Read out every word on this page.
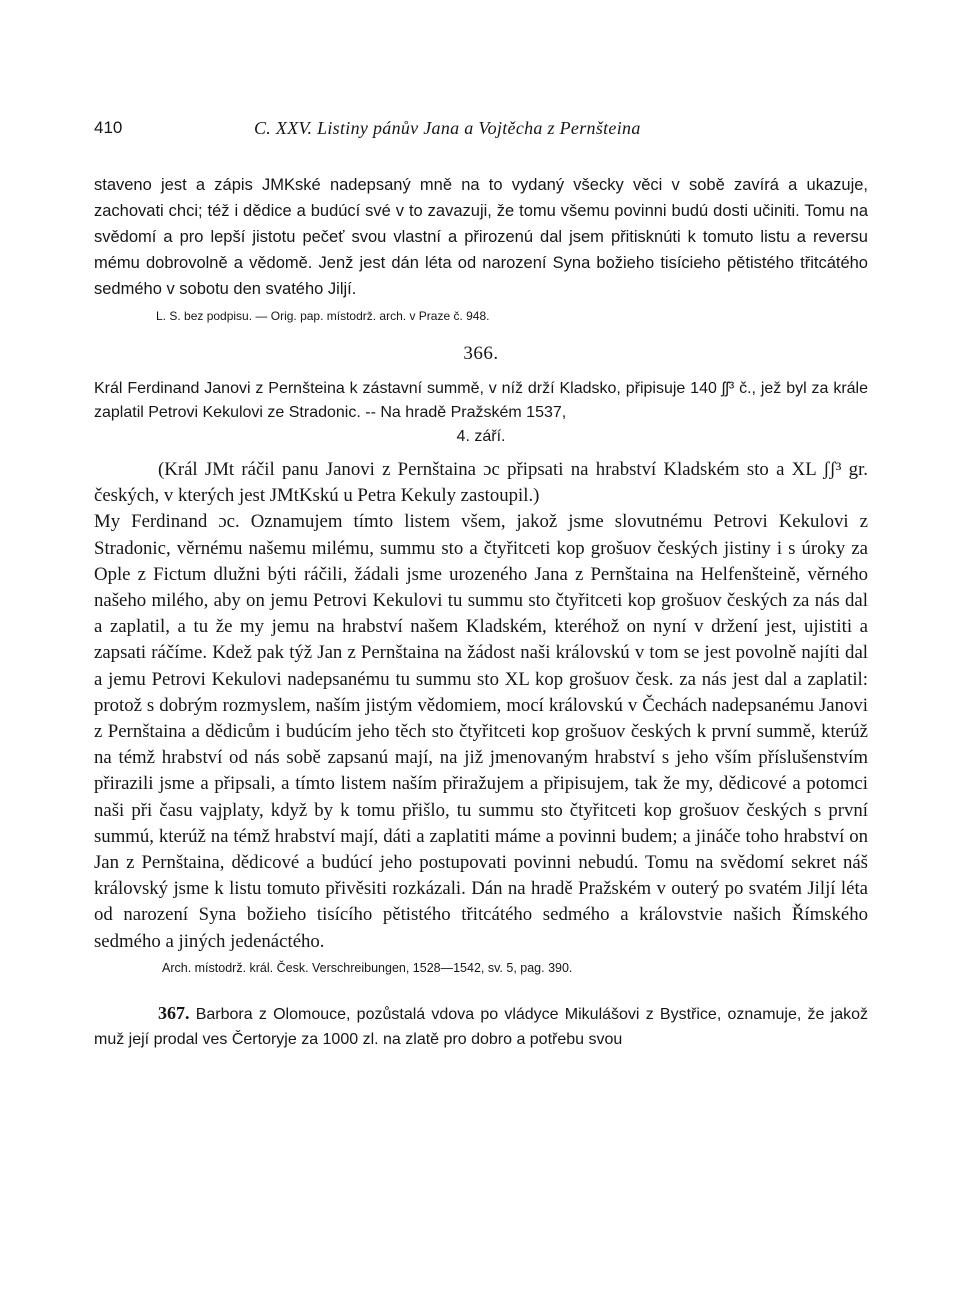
410	C. XXV. Listiny pánův Jana a Vojtěcha z Pernšteina

staveno jest a zápis JMKské nadepsaný mně na to vydaný všecky věci v sobě zavírá a ukazuje, zachovati chci; též i dědice a budúcí své v to zavazuji, že tomu všemu povinni budú dosti učiniti. Tomu na svědomí a pro lepší jistotu pečeť svou vlastní a přirozenú dal jsem přitisknúti k tomuto listu a reversu mému dobrovolně a vědomě. Jenž jest dán léta od narození Syna božieho tisícieho pětistého třitcátého sedmého v sobotu den svatého Jiljí.

L. S. bez podpisu. — Orig. pap. místodrž. arch. v Praze č. 948.
366.

Král Ferdinand Janovi z Pernšteina k zástavní summě, v níž drží Kladsko, připisuje 140 ʃʃ³ č., jež byl za krále zaplatil Petrovi Kekulovi ze Stradonic. -- Na hradě Pražském 1537,

4. září.

(Král JMt ráčil panu Janovi z Pernštaina ɔc připsati na hrabství Kladském sto a XL ʃʃ³ gr. českých, v kterých jest JMtKskú u Petra Kekuly zastoupil.)

My Ferdinand ɔc. Oznamujem tímto listem všem, jakož jsme slovutnému Petrovi Kekulovi z Stradonic, věrnému našemu milému, summu sto a čtyřitceti kop grošuov českých jistiny i s úroky za Ople z Fictum dlužni býti ráčili, žádali jsme urozeného Jana z Pernštaina na Helfenšteině, věrného našeho milého, aby on jemu Petrovi Kekulovi tu summu sto čtyřitceti kop grošuov českých za nás dal a zaplatil, a tu že my jemu na hrabství našem Kladském, kteréhož on nyní v držení jest, ujistiti a zapsati ráčíme. Kdež pak týž Jan z Pernštaina na žádost naši královskú v tom se jest povolně najíti dal a jemu Petrovi Kekulovi nadepsanému tu summu sto XL kop grošuov česk. za nás jest dal a zaplatil: protož s dobrým rozmyslem, naším jistým vědomiem, mocí královskú v Čechách nadepsanému Janovi z Pernštaina a dědicům i budúcím jeho těch sto čtyřitceti kop grošuov českých k první summě, kterúž na témž hrabství od nás sobě zapsanú mají, na již jmenovaným hrabství s jeho vším příslušenstvím přirazili jsme a připsali, a tímto listem naším přiražujem a připisujem, tak že my, dědicové a potomci naši při času vajplaty, když by k tomu přišlo, tu summu sto čtyřitceti kop grošuov českých s první summú, kterúž na témž hrabství mají, dáti a zaplatiti máme a povinni budem; a jináče toho hrabství on Jan z Pernštaina, dědicové a budúcí jeho postupovati povinni nebudú. Tomu na svědomí sekret náš královský jsme k listu tomuto přivěsiti rozkázali. Dán na hradě Pražském v outerý po svatém Jiljí léta od narození Syna božieho tisícího pětistého třitcátého sedmého a královstvie našich Římského sedmého a jiných jedenáctého.

Arch. místodrž. král. Česk. Verschreibungen, 1528—1542, sv. 5, pag. 390.
367. Barbora z Olomouce, pozůstalá vdova po vládyce Mikulášovi z Bystřice, oznamuje, že jakož muž její prodal ves Čertoryje za 1000 zl. na zlatě pro dobro a potřebu svou
